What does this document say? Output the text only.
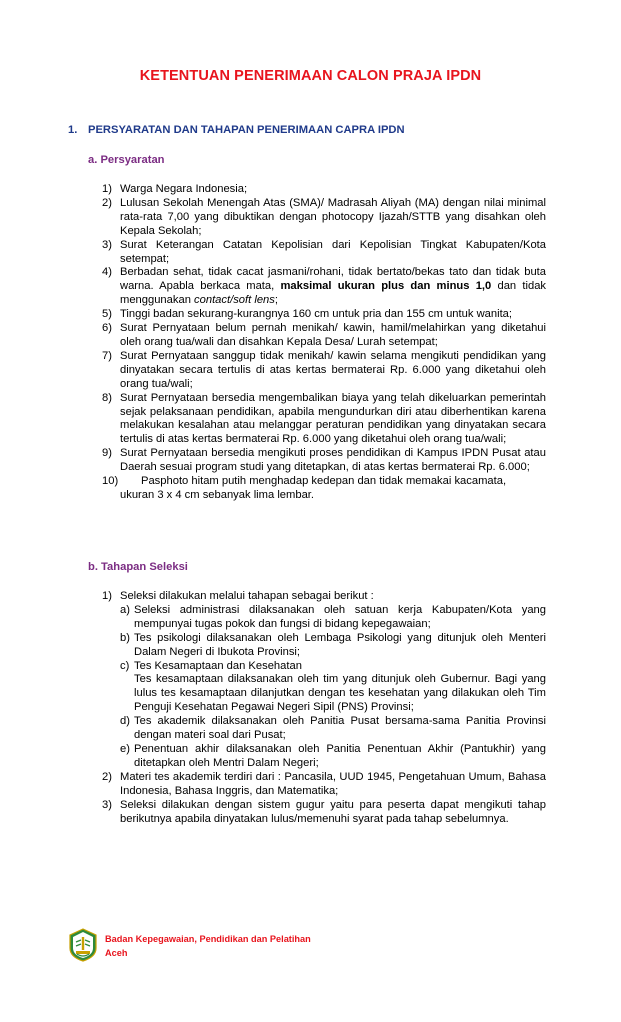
KETENTUAN PENERIMAAN CALON PRAJA IPDN
1. PERSYARATAN DAN TAHAPAN PENERIMAAN CAPRA IPDN
a. Persyaratan
1) Warga Negara Indonesia;
2) Lulusan Sekolah Menengah Atas (SMA)/ Madrasah Aliyah (MA) dengan nilai minimal rata-rata 7,00 yang dibuktikan dengan photocopy Ijazah/STTB yang disahkan oleh Kepala Sekolah;
3) Surat Keterangan Catatan Kepolisian dari Kepolisian Tingkat Kabupaten/Kota setempat;
4) Berbadan sehat, tidak cacat jasmani/rohani, tidak bertato/bekas tato dan tidak buta warna. Apabla berkaca mata, maksimal ukuran plus dan minus 1,0 dan tidak menggunakan contact/soft lens;
5) Tinggi badan sekurang-kurangnya 160 cm untuk pria dan 155 cm untuk wanita;
6) Surat Pernyataan belum pernah menikah/ kawin, hamil/melahirkan yang diketahui oleh orang tua/wali dan disahkan Kepala Desa/ Lurah setempat;
7) Surat Pernyataan sanggup tidak menikah/ kawin selama mengikuti pendidikan yang dinyatakan secara tertulis di atas kertas bermaterai Rp. 6.000 yang diketahui oleh orang tua/wali;
8) Surat Pernyataan bersedia mengembalikan biaya yang telah dikeluarkan pemerintah sejak pelaksanaan pendidikan, apabila mengundurkan diri atau diberhentikan karena melakukan kesalahan atau melanggar peraturan pendidikan yang dinyatakan secara tertulis di atas kertas bermaterai Rp. 6.000 yang diketahui oleh orang tua/wali;
9) Surat Pernyataan bersedia mengikuti proses pendidikan di Kampus IPDN Pusat atau Daerah sesuai program studi yang ditetapkan, di atas kertas bermaterai Rp. 6.000;
10) Pasphoto hitam putih menghadap kedepan dan tidak memakai kacamata,
ukuran 3 x 4 cm sebanyak lima lembar.
b. Tahapan Seleksi
1) Seleksi dilakukan melalui tahapan sebagai berikut :
a) Seleksi administrasi dilaksanakan oleh satuan kerja Kabupaten/Kota yang mempunyai tugas pokok dan fungsi di bidang kepegawaian;
b) Tes psikologi dilaksanakan oleh Lembaga Psikologi yang ditunjuk oleh Menteri Dalam Negeri di Ibukota Provinsi;
c) Tes Kesamaptaan dan Kesehatan
Tes kesamaptaan dilaksanakan oleh tim yang ditunjuk oleh Gubernur. Bagi yang lulus tes kesamaptaan dilanjutkan dengan tes kesehatan yang dilakukan oleh Tim Penguji Kesehatan Pegawai Negeri Sipil (PNS) Provinsi;
d) Tes akademik dilaksanakan oleh Panitia Pusat bersama-sama Panitia Provinsi dengan materi soal dari Pusat;
e) Penentuan akhir dilaksanakan oleh Panitia Penentuan Akhir (Pantukhir) yang ditetapkan oleh Mentri Dalam Negeri;
2) Materi tes akademik terdiri dari : Pancasila, UUD 1945, Pengetahuan Umum, Bahasa Indonesia, Bahasa Inggris, dan Matematika;
3) Seleksi dilakukan dengan sistem gugur yaitu para peserta dapat mengikuti tahap berikutnya apabila dinyatakan lulus/memenuhi syarat pada tahap sebelumnya.
Badan Kepegawaian, Pendidikan dan Pelatihan
Aceh
